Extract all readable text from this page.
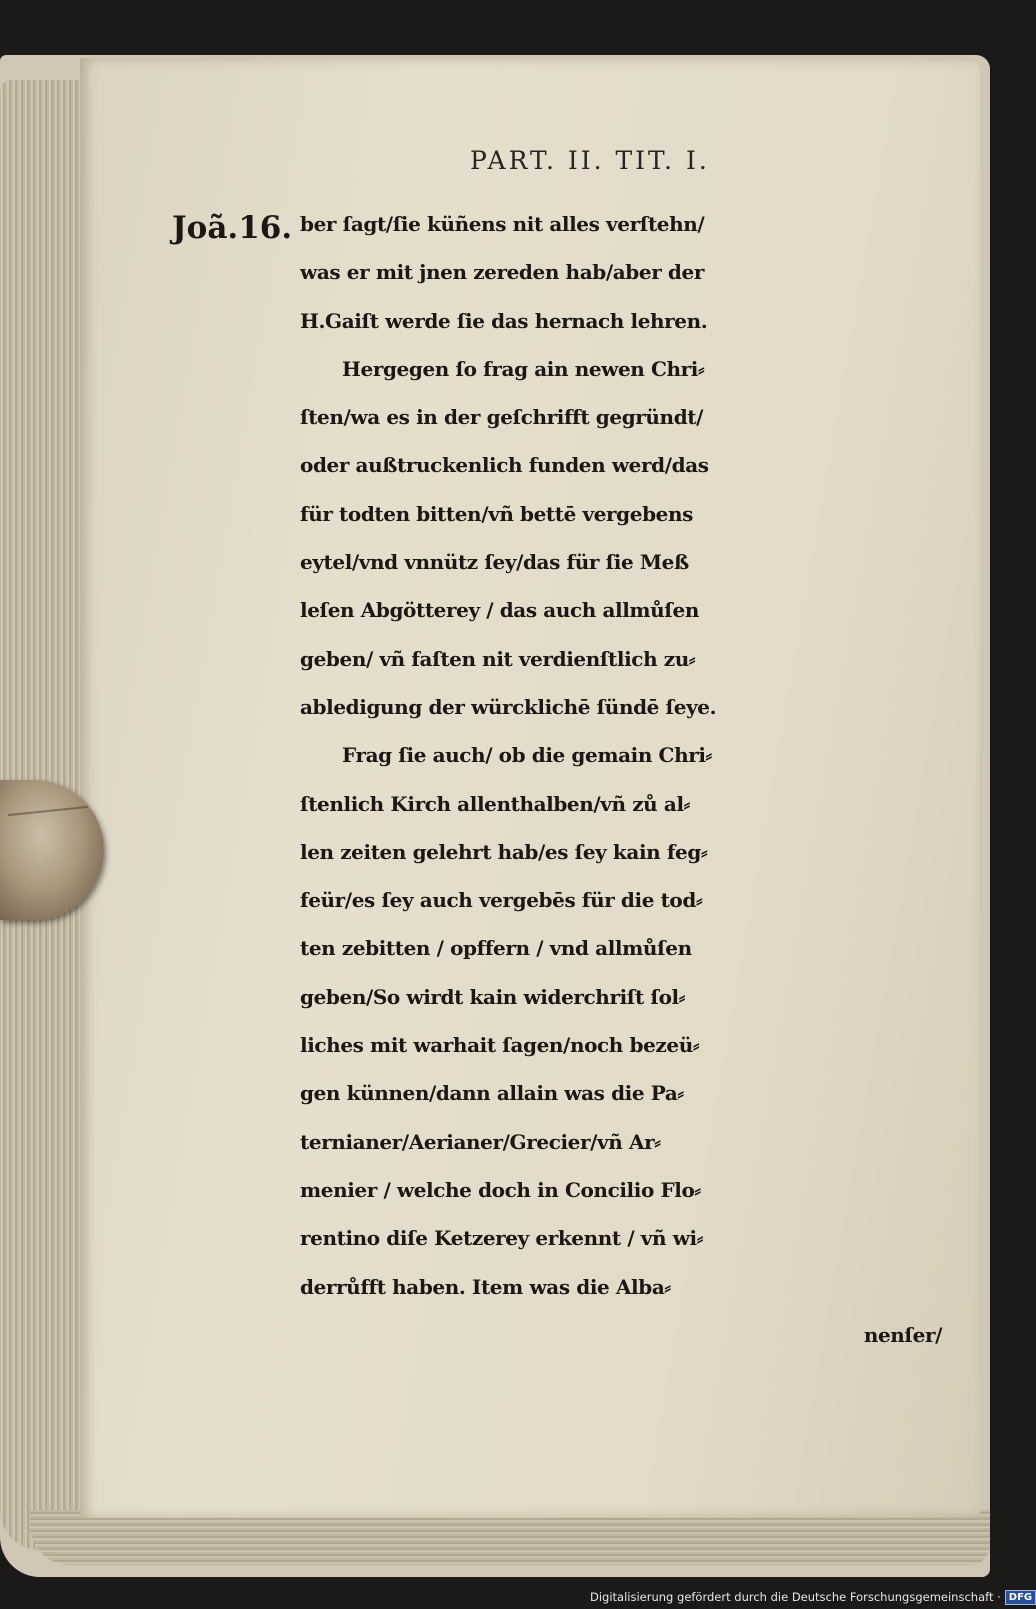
PART. II. TIT. I.
Joã.16. ber ſagt/ſie küñens nit alles verſtehn/
was er mit jnen zereden hab/aber der
H.Gaiſt werde ſie das hernach lehren.
Hergegen ſo frag ain newen Chri⸗
ſten/wa es in der geſchrifft gegründt/
oder außtruckenlich funden werd/das
für todten bitten/vñ bettē vergebens
eytel/vnd vnnütz ſey/das für ſie Meß
leſen Abgötterey / das auch allmůſen
geben/ vñ faſten nit verdienſtlich zu⸗
abledigung der würcklichē ſündē ſeye.
Frag ſie auch/ ob die gemain Chri⸗
ſtenlich Kirch allenthalben/vñ zů al⸗
len zeiten gelehrt hab/es ſey kain feg⸗
feür/es ſey auch vergebēs für die tod⸗
ten zebitten / opffern / vnd allmůſen
geben/So wirdt kain widerchriſt ſol⸗
liches mit warhait ſagen/noch bezeü⸗
gen künnen/dann allain was die Pa⸗
ternianer/Aerianer/Grecier/vñ Ar⸗
menier / welche doch in Concilio Flo⸗
rentino diſe Ketzerey erkennt / vñ wi⸗
derrůfft haben. Item was die Alba⸗
nenſer/
Digitalisierung gefördert durch die Deutsche Forschungsgemeinschaft · DFG
